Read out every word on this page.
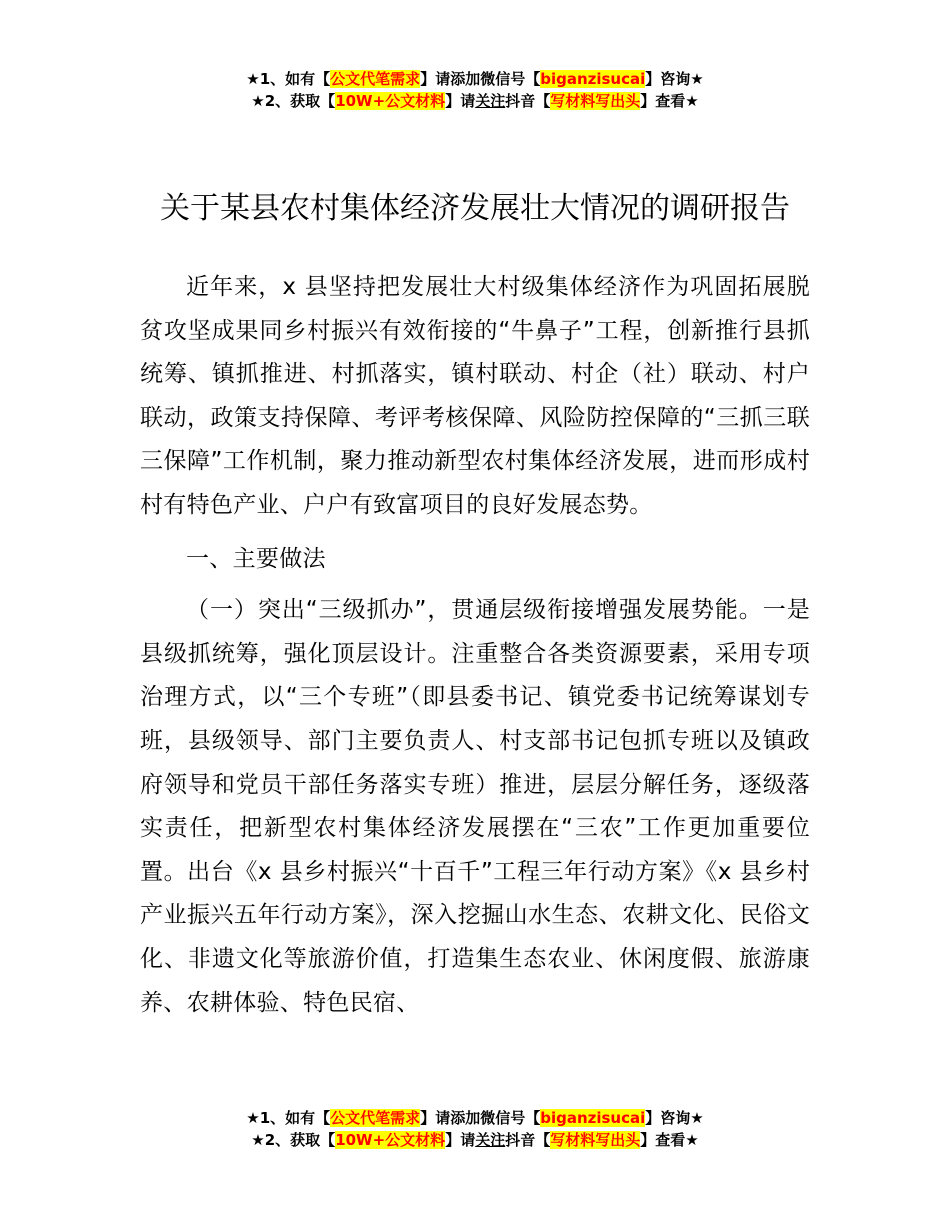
★1、如有【公文代笔需求】请添加微信号【biganzisucai】咨询★
★2、获取【10W+公文材料】请关注抖音【写材料写出头】查看★
关于某县农村集体经济发展壮大情况的调研报告

近年来，x 县坚持把发展壮大村级集体经济作为巩固拓展脱贫攻坚成果同乡村振兴有效衔接的“牛鼻子”工程，创新推行县抓统筹、镇抓推进、村抓落实，镇村联动、村企（社）联动、村户联动，政策支持保障、考评考核保障、风险防控保障的“三抓三联三保障”工作机制，聚力推动新型农村集体经济发展，进而形成村村有特色产业、户户有致富项目的良好发展态势。

一、主要做法

（一）突出“三级抓办”，贯通层级衔接增强发展势能。一是县级抓统筹，强化顶层设计。注重整合各类资源要素，采用专项治理方式，以“三个专班”（即县委书记、镇党委书记统筹谋划专班，县级领导、部门主要负责人、村支部书记包抓专班以及镇政府领导和党员干部任务落实专班）推进，层层分解任务，逐级落实责任，把新型农村集体经济发展摆在“三农”工作更加重要位置。出台《x 县乡村振兴“十百千”工程三年行动方案》《x 县乡村产业振兴五年行动方案》，深入挖掘山水生态、农耕文化、民俗文化、非遗文化等旅游价值，打造集生态农业、休闲度假、旅游康养、农耕体验、特色民宿、

★1、如有【公文代笔需求】请添加微信号【biganzisucai】咨询★
★2、获取【10W+公文材料】请关注抖音【写材料写出头】查看★
